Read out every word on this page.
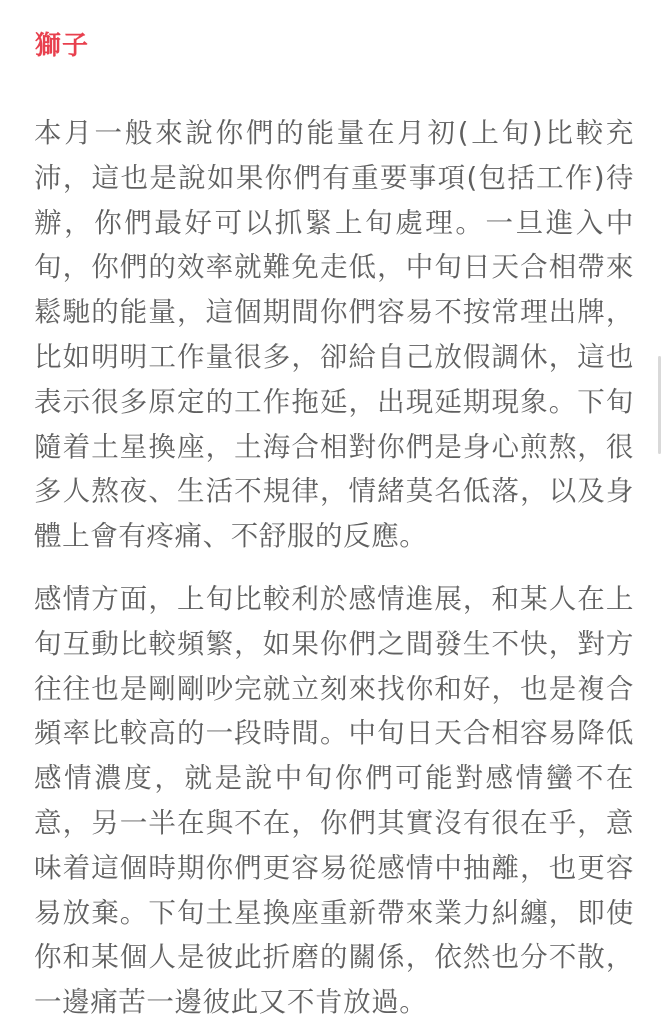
獅子

本月一般來說你們的能量在月初(上旬)比較充沛，這也是說如果你們有重要事項(包括工作)待辦，你們最好可以抓緊上旬處理。一旦進入中旬，你們的效率就難免走低，中旬日天合相帶來鬆馳的能量，這個期間你們容易不按常理出牌，比如明明工作量很多，卻給自己放假調休，這也表示很多原定的工作拖延，出現延期現象。下旬隨着土星換座，土海合相對你們是身心煎熬，很多人熬夜、生活不規律，情緒莫名低落，以及身體上會有疼痛、不舒服的反應。

感情方面，上旬比較利於感情進展，和某人在上旬互動比較頻繁，如果你們之間發生不快，對方往往也是剛剛吵完就立刻來找你和好，也是複合頻率比較高的一段時間。中旬日天合相容易降低感情濃度，就是說中旬你們可能對感情蠻不在意，另一半在與不在，你們其實沒有很在乎，意味着這個時期你們更容易從感情中抽離，也更容易放棄。下旬土星換座重新帶來業力糾纏，即使你和某個人是彼此折磨的關係，依然也分不散，一邊痛苦一邊彼此又不肯放過。
